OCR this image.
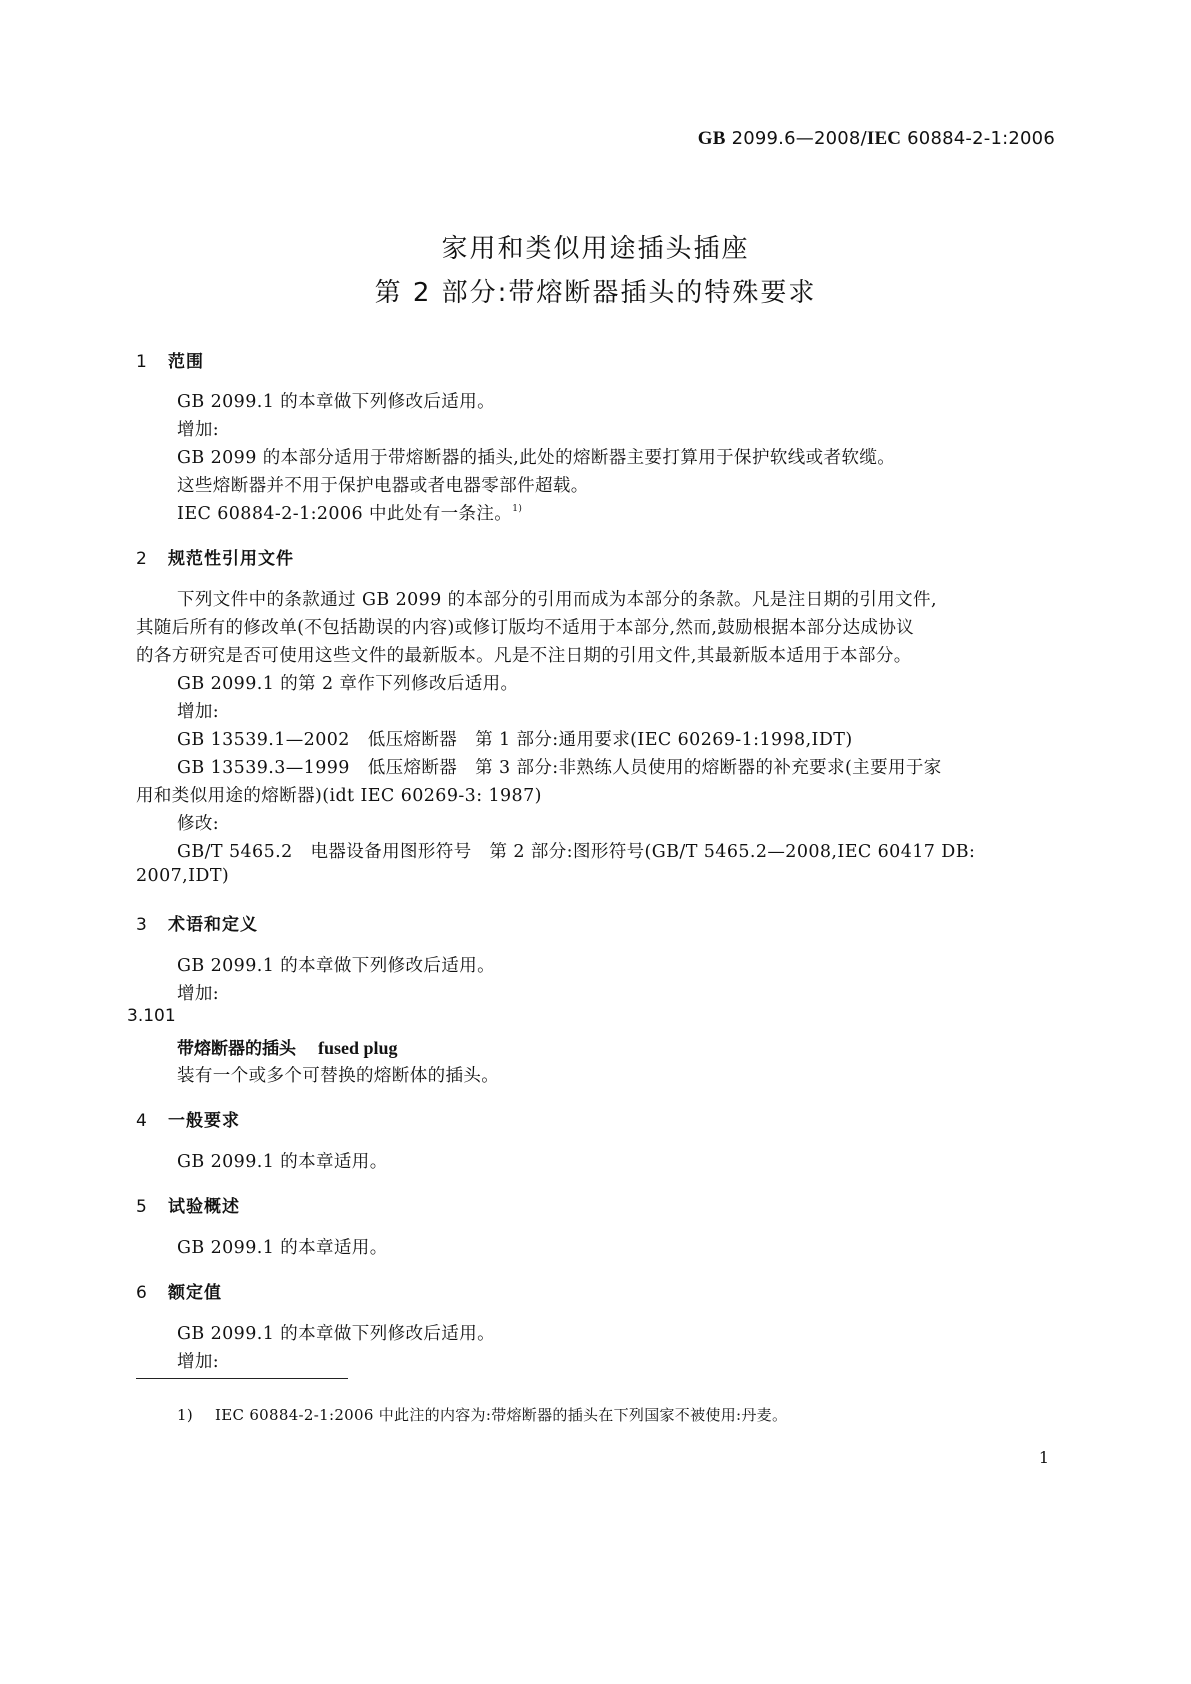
GB 2099.6—2008/IEC 60884-2-1:2006
家用和类似用途插头插座
第 2 部分:带熔断器插头的特殊要求
1 范围
GB 2099.1 的本章做下列修改后适用。
增加:
GB 2099 的本部分适用于带熔断器的插头,此处的熔断器主要打算用于保护软线或者软缆。
这些熔断器并不用于保护电器或者电器零部件超载。
IEC 60884-2-1:2006 中此处有一条注。$^{1)}$
2 规范性引用文件
下列文件中的条款通过 GB 2099 的本部分的引用而成为本部分的条款。凡是注日期的引用文件,
其随后所有的修改单(不包括勘误的内容)或修订版均不适用于本部分,然而,鼓励根据本部分达成协议
的各方研究是否可使用这些文件的最新版本。凡是不注日期的引用文件,其最新版本适用于本部分。
GB 2099.1 的第 2 章作下列修改后适用。
增加:
GB 13539.1—2002　低压熔断器　第 1 部分:通用要求(IEC 60269-1:1998,IDT)
GB 13539.3—1999　低压熔断器　第 3 部分:非熟练人员使用的熔断器的补充要求(主要用于家
用和类似用途的熔断器)(idt IEC 60269-3: 1987)
修改:
GB/T 5465.2　电器设备用图形符号　第 2 部分:图形符号(GB/T 5465.2—2008,IEC 60417 DB:
2007,IDT)
3 术语和定义
GB 2099.1 的本章做下列修改后适用。
增加:
3.101
带熔断器的插头 fused plug
装有一个或多个可替换的熔断体的插头。
4 一般要求
GB 2099.1 的本章适用。
5 试验概述
GB 2099.1 的本章适用。
6 额定值
GB 2099.1 的本章做下列修改后适用。
增加:
1) IEC 60884-2-1:2006 中此注的内容为:带熔断器的插头在下列国家不被使用:丹麦。
1
